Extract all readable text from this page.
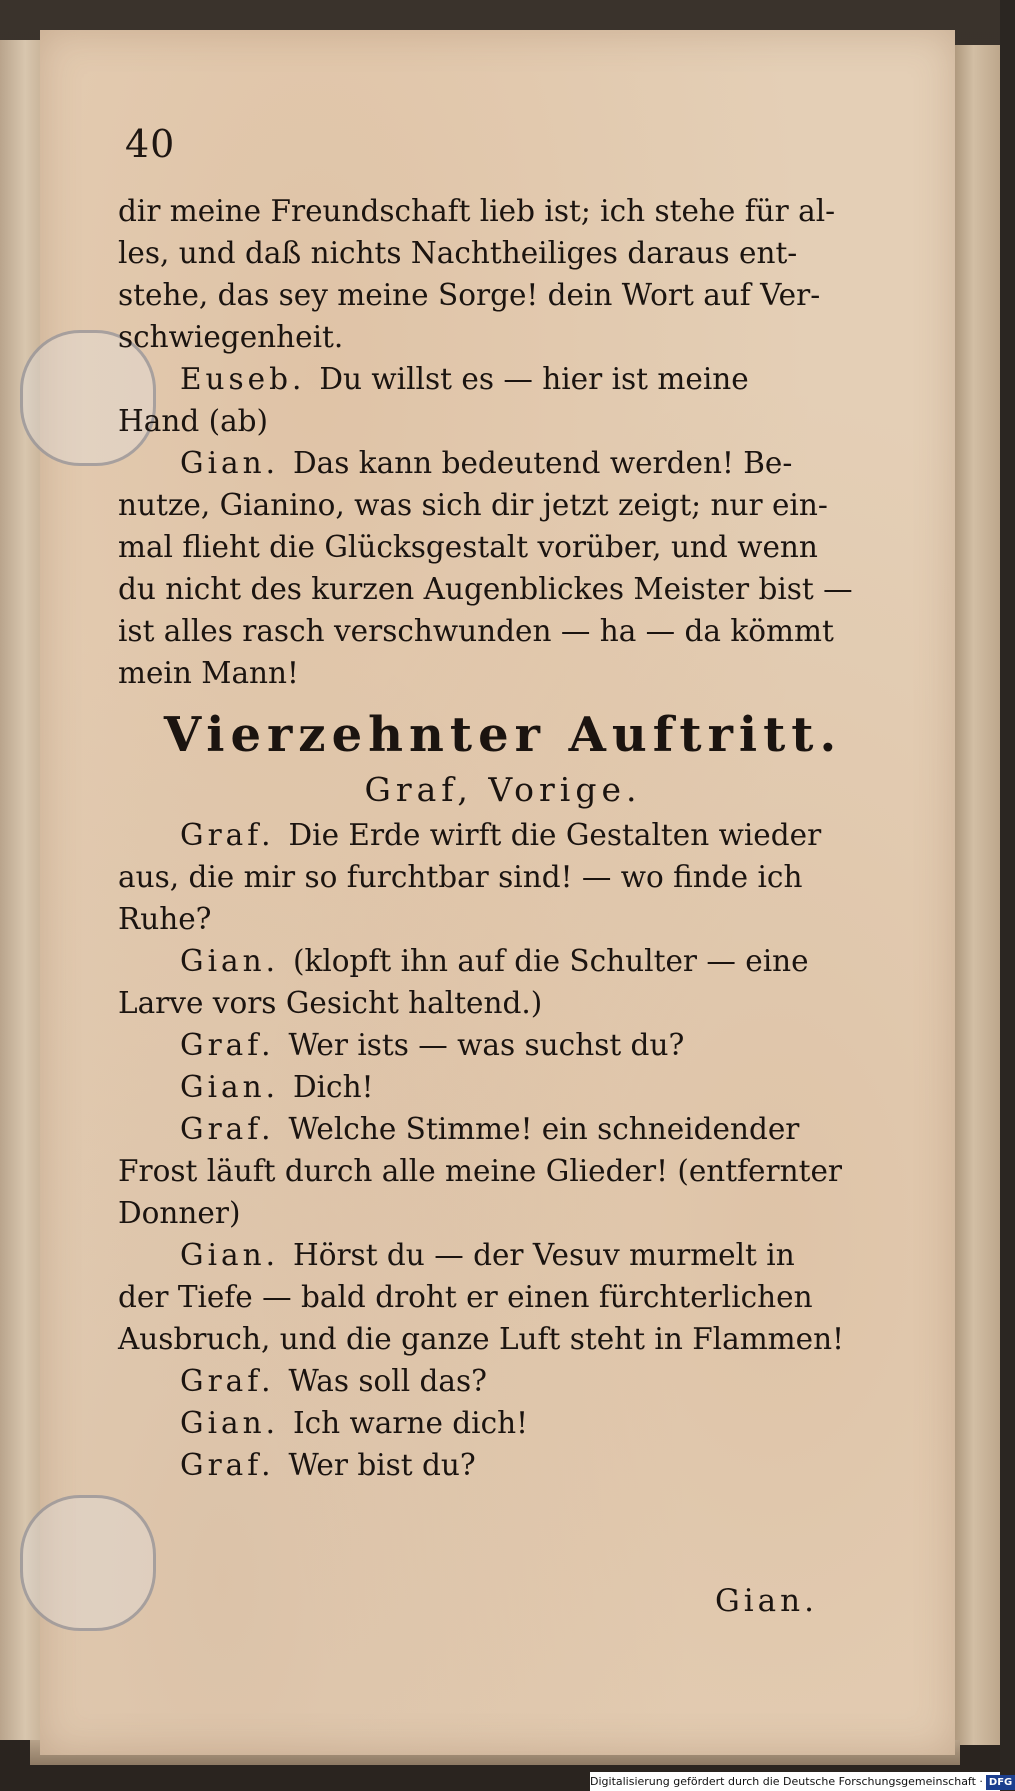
40
dir meine Freundschaft lieb ist; ich stehe für al-
les, und daß nichts Nachtheiliges daraus ent-
stehe, das sey meine Sorge! dein Wort auf Ver-
schwiegenheit.
Euseb. Du willst es — hier ist meine
Hand (ab)
Gian. Das kann bedeutend werden! Be-
nutze, Gianino, was sich dir jetzt zeigt; nur ein-
mal flieht die Glücksgestalt vorüber, und wenn
du nicht des kurzen Augenblickes Meister bist —
ist alles rasch verschwunden — ha — da kömmt
mein Mann!
Vierzehnter Auftritt.
Graf, Vorige.
Graf. Die Erde wirft die Gestalten wieder
aus, die mir so furchtbar sind! — wo finde ich
Ruhe?
Gian. (klopft ihn auf die Schulter — eine
Larve vors Gesicht haltend.)
Graf. Wer ists — was suchst du?
Gian. Dich!
Graf. Welche Stimme! ein schneidender
Frost läuft durch alle meine Glieder! (entfernter
Donner)
Gian. Hörst du — der Vesuv murmelt in
der Tiefe — bald droht er einen fürchterlichen
Ausbruch, und die ganze Luft steht in Flammen!
Graf. Was soll das?
Gian. Ich warne dich!
Graf. Wer bist du?
Gian.
Digitalisierung gefördert durch die Deutsche Forschungsgemeinschaft · DFG
